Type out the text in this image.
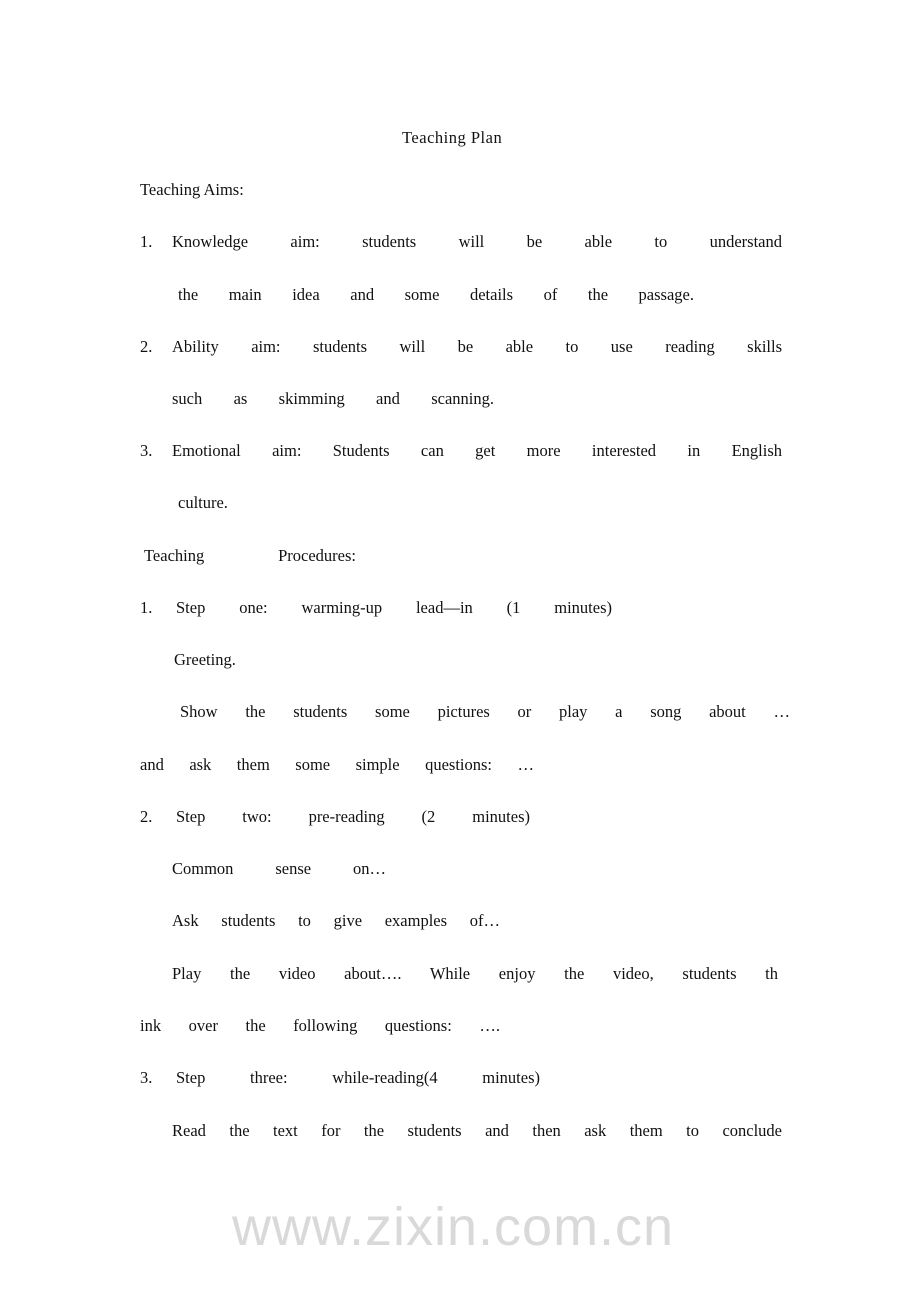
www.zixin.com.cn
Teaching Plan
Teaching Aims:
1. Knowledge aim: students will be able to understand
the main idea and some details of the passage.
2. Ability aim: students will be able to use reading skills
such as skimming and scanning.
3. Emotional aim: Students can get more interested in English
culture.
Teaching Procedures:
1. Step one: warming-up lead—in (1 minutes)
Greeting.
Show the students some pictures or play a song about …
and ask them some simple questions: …
2. Step two: pre-reading (2 minutes)
Common sense on…
Ask students to give examples of…
Play the video about…. While enjoy the video, students th
ink over the following questions: ….
3. Step three: while-reading(4 minutes)
Read the text for the students and then ask them to conclude
